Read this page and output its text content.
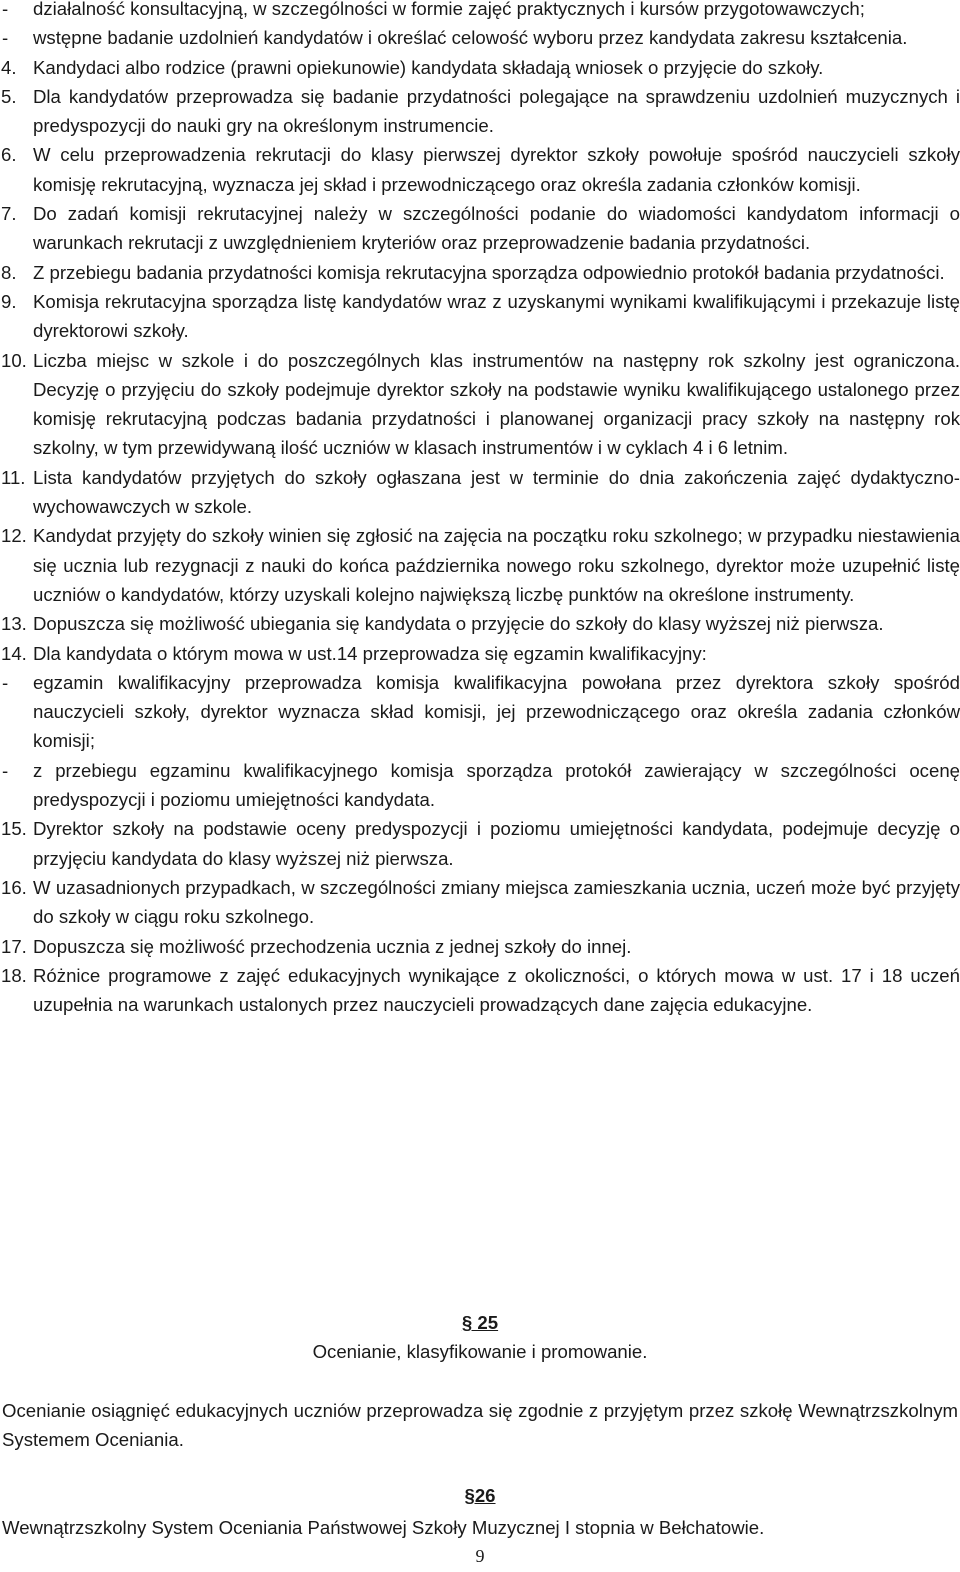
- działalność konsultacyjną, w szczególności w formie zajęć praktycznych i kursów przygotowawczych;
- wstępne badanie uzdolnień kandydatów i określać celowość wyboru przez kandydata zakresu kształcenia.
4. Kandydaci albo rodzice (prawni opiekunowie) kandydata składają wniosek o przyjęcie do szkoły.
5. Dla kandydatów przeprowadza się badanie przydatności polegające na sprawdzeniu uzdolnień muzycznych i predyspozycji do nauki gry na określonym instrumencie.
6. W celu przeprowadzenia rekrutacji do klasy pierwszej dyrektor szkoły powołuje spośród nauczycieli szkoły komisję rekrutacyjną, wyznacza jej skład i przewodniczącego oraz określa zadania członków komisji.
7. Do zadań komisji rekrutacyjnej należy w szczególności podanie do wiadomości kandydatom informacji o warunkach rekrutacji z uwzględnieniem kryteriów oraz przeprowadzenie badania przydatności.
8. Z przebiegu badania przydatności komisja rekrutacyjna sporządza odpowiednio protokół badania przydatności.
9. Komisja rekrutacyjna sporządza listę kandydatów wraz z uzyskanymi wynikami kwalifikującymi i przekazuje listę dyrektorowi szkoły.
10. Liczba miejsc w szkole i do poszczególnych klas instrumentów na następny rok szkolny jest ograniczona. Decyzję o przyjęciu do szkoły podejmuje dyrektor szkoły na podstawie wyniku kwalifikującego ustalonego przez komisję rekrutacyjną podczas badania przydatności i planowanej organizacji pracy szkoły na następny rok szkolny, w tym przewidywaną ilość uczniów w klasach instrumentów i w cyklach 4 i 6 letnim.
11. Lista kandydatów przyjętych do szkoły ogłaszana jest w terminie do dnia zakończenia zajęć dydaktyczno-wychowawczych w szkole.
12. Kandydat przyjęty do szkoły winien się zgłosić na zajęcia na początku roku szkolnego; w przypadku niestawienia się ucznia lub rezygnacji z nauki do końca października nowego roku szkolnego, dyrektor może uzupełnić listę uczniów o kandydatów, którzy uzyskali kolejno największą liczbę punktów na określone instrumenty.
13. Dopuszcza się możliwość ubiegania się kandydata o przyjęcie do szkoły do klasy wyższej niż pierwsza.
14. Dla kandydata o którym mowa w ust.14 przeprowadza się egzamin kwalifikacyjny:
- egzamin kwalifikacyjny przeprowadza komisja kwalifikacyjna powołana przez dyrektora szkoły spośród nauczycieli szkoły, dyrektor wyznacza skład komisji, jej przewodniczącego oraz określa zadania członków komisji;
- z przebiegu egzaminu kwalifikacyjnego komisja sporządza protokół zawierający w szczególności ocenę predyspozycji i poziomu umiejętności kandydata.
15. Dyrektor szkoły na podstawie oceny predyspozycji i poziomu umiejętności kandydata, podejmuje decyzję o przyjęciu kandydata do klasy wyższej niż pierwsza.
16. W uzasadnionych przypadkach, w szczególności zmiany miejsca zamieszkania ucznia, uczeń może być przyjęty do szkoły w ciągu roku szkolnego.
17. Dopuszcza się możliwość przechodzenia ucznia z jednej szkoły do innej.
18. Różnice programowe z zajęć edukacyjnych wynikające z okoliczności, o których mowa w ust. 17 i 18 uczeń uzupełnia na warunkach ustalonych przez nauczycieli prowadzących dane zajęcia edukacyjne.
§ 25
Ocenianie, klasyfikowanie i promowanie.
Ocenianie osiągnięć edukacyjnych uczniów przeprowadza się zgodnie z przyjętym przez szkołę Wewnątrzszkolnym Systemem Oceniania.
§26
Wewnątrzszkolny System Oceniania Państwowej Szkoły Muzycznej I stopnia w Bełchatowie.
9
